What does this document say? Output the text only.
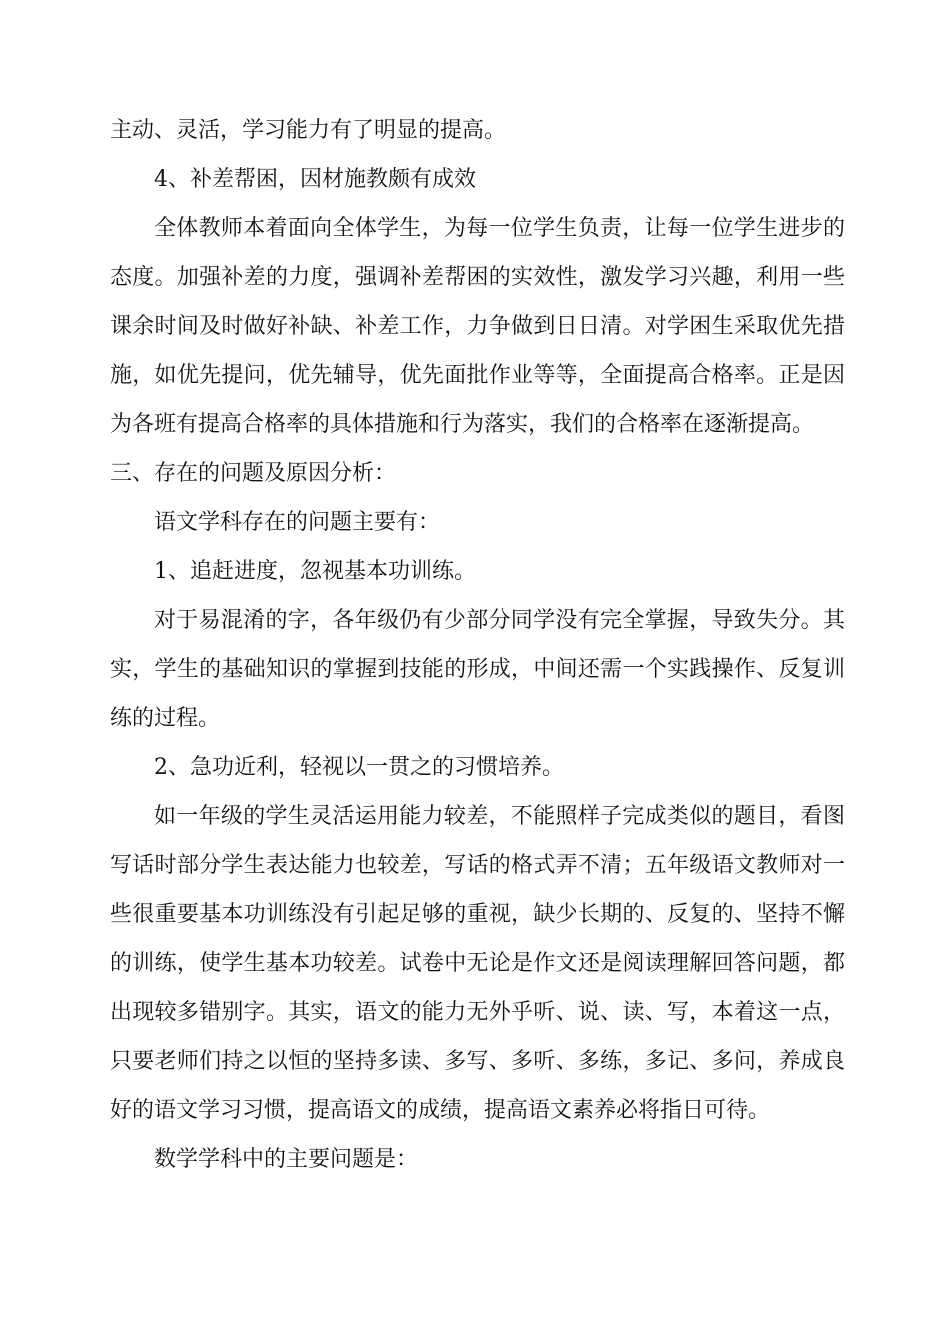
主动、灵活，学习能力有了明显的提高。
4、补差帮困，因材施教颇有成效
全体教师本着面向全体学生，为每一位学生负责，让每一位学生进步的
态度。加强补差的力度，强调补差帮困的实效性，激发学习兴趣，利用一些
课余时间及时做好补缺、补差工作，力争做到日日清。对学困生采取优先措
施，如优先提问，优先辅导，优先面批作业等等，全面提高合格率。正是因
为各班有提高合格率的具体措施和行为落实，我们的合格率在逐渐提高。
三、存在的问题及原因分析：
语文学科存在的问题主要有：
1、追赶进度，忽视基本功训练。
对于易混淆的字，各年级仍有少部分同学没有完全掌握，导致失分。其
实，学生的基础知识的掌握到技能的形成，中间还需一个实践操作、反复训
练的过程。
2、急功近利，轻视以一贯之的习惯培养。
如一年级的学生灵活运用能力较差，不能照样子完成类似的题目，看图
写话时部分学生表达能力也较差，写话的格式弄不清；五年级语文教师对一
些很重要基本功训练没有引起足够的重视，缺少长期的、反复的、坚持不懈
的训练，使学生基本功较差。试卷中无论是作文还是阅读理解回答问题，都
出现较多错别字。其实，语文的能力无外乎听、说、读、写，本着这一点，
只要老师们持之以恒的坚持多读、多写、多听、多练，多记、多问，养成良
好的语文学习习惯，提高语文的成绩，提高语文素养必将指日可待。
数学学科中的主要问题是：
